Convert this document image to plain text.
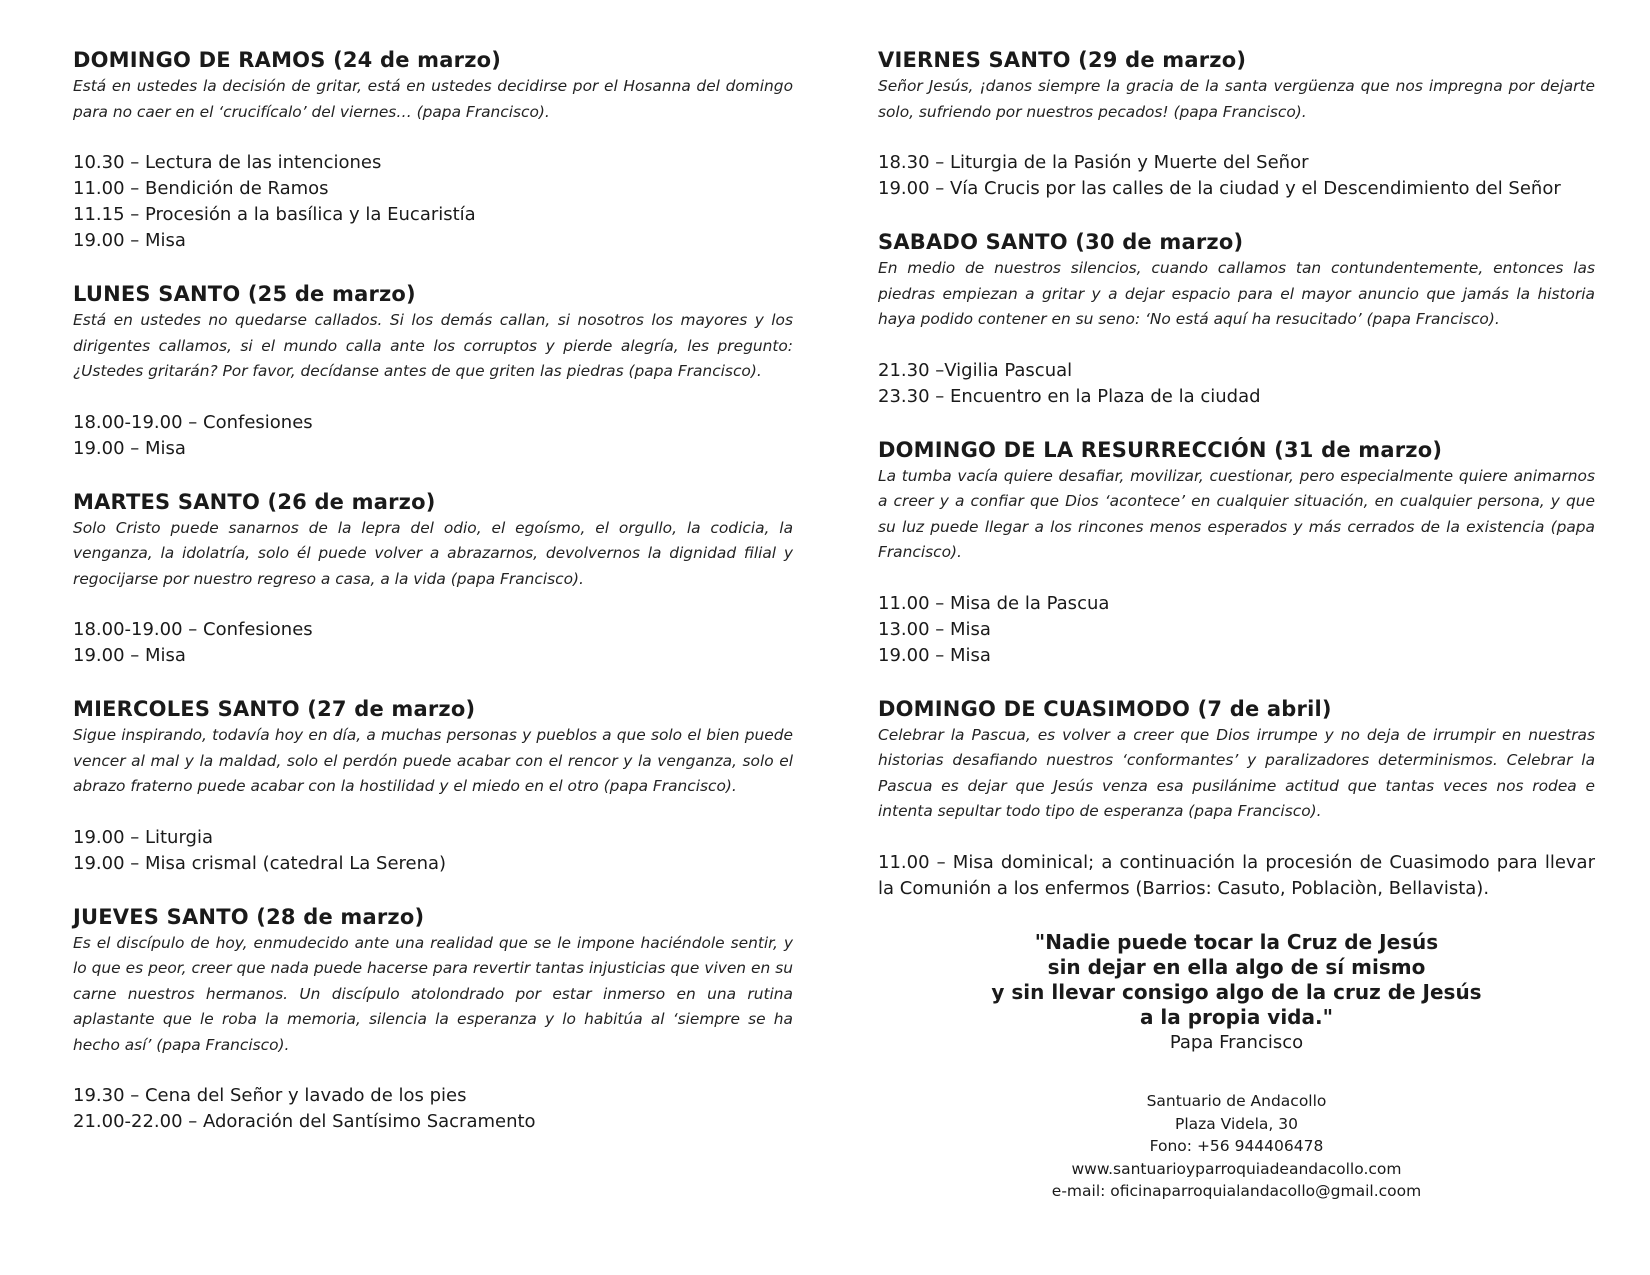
DOMINGO DE RAMOS (24 de marzo)

Está en ustedes la decisión de gritar, está en ustedes decidirse por el Hosanna del domingo para no caer en el ‘crucifícalo’ del viernes… (papa Francisco).

10.30 – Lectura de las intenciones
11.00 – Bendición de Ramos
11.15 – Procesión a la basílica y la Eucaristía
19.00 – Misa
LUNES SANTO (25 de marzo)

Está en ustedes no quedarse callados. Si los demás callan, si nosotros los mayores y los dirigentes callamos, si el mundo calla ante los corruptos y pierde alegría, les pregunto: ¿Ustedes gritarán? Por favor, decídanse antes de que griten las piedras (papa Francisco).

18.00-19.00 – Confesiones
19.00 – Misa
MARTES SANTO (26 de marzo)

Solo Cristo puede sanarnos de la lepra del odio, el egoísmo, el orgullo, la codicia, la venganza, la idolatría, solo él puede volver a abrazarnos, devolvernos la dignidad filial y regocijarse por nuestro regreso a casa, a la vida (papa Francisco).

18.00-19.00 – Confesiones
19.00 – Misa
MIERCOLES SANTO (27 de marzo)

Sigue inspirando, todavía hoy en día, a muchas personas y pueblos a que solo el bien puede vencer al mal y la maldad, solo el perdón puede acabar con el rencor y la venganza, solo el abrazo fraterno puede acabar con la hostilidad y el miedo en el otro (papa Francisco).

19.00 – Liturgia
19.00 – Misa crismal (catedral La Serena)
JUEVES SANTO (28 de marzo)

Es el discípulo de hoy, enmudecido ante una realidad que se le impone haciéndole sentir, y lo que es peor, creer que nada puede hacerse para revertir tantas injusticias que viven en su carne nuestros hermanos. Un discípulo atolondrado por estar inmerso en una rutina aplastante que le roba la memoria, silencia la esperanza y lo habitúa al ‘siempre se ha hecho así’ (papa Francisco).

19.30 – Cena del Señor y lavado de los pies
21.00-22.00 – Adoración del Santísimo Sacramento
VIERNES SANTO (29 de marzo)

Señor Jesús, ¡danos siempre la gracia de la santa vergüenza que nos impregna por dejarte solo, sufriendo por nuestros pecados! (papa Francisco).

18.30 – Liturgia de la Pasión y Muerte del Señor
19.00 – Vía Crucis por las calles de la ciudad y el Descendimiento del Señor
SABADO SANTO (30 de marzo)

En medio de nuestros silencios, cuando callamos tan contundentemente, entonces las piedras empiezan a gritar y a dejar espacio para el mayor anuncio que jamás la historia haya podido contener en su seno: ‘No está aquí ha resucitado’ (papa Francisco).

21.30 –Vigilia Pascual
23.30 – Encuentro en la Plaza de la ciudad
DOMINGO DE LA RESURRECCIÓN (31 de marzo)

La tumba vacía quiere desafiar, movilizar, cuestionar, pero especialmente quiere animarnos a creer y a confiar que Dios ‘acontece’ en cualquier situación, en cualquier persona, y que su luz puede llegar a los rincones menos esperados y más cerrados de la existencia (papa Francisco).

11.00 – Misa de la Pascua
13.00 – Misa
19.00 – Misa
DOMINGO DE CUASIMODO (7 de abril)

Celebrar la Pascua, es volver a creer que Dios irrumpe y no deja de irrumpir en nuestras historias desafiando nuestros ‘conformantes’ y paralizadores determinismos. Celebrar la Pascua es dejar que Jesús venza esa pusilánime actitud que tantas veces nos rodea e intenta sepultar todo tipo de esperanza (papa Francisco).

11.00 – Misa dominical; a continuación la procesión de Cuasimodo para llevar la Comunión a los enfermos (Barrios: Casuto, Poblaciòn, Bellavista).

"Nadie puede tocar la Cruz de Jesús

sin dejar en ella algo de sí mismo

y sin llevar consigo algo de la cruz de Jesús

a la propia vida."

Papa Francisco

Santuario de Andacollo
Plaza Videla, 30
Fono: +56 944406478
www.santuarioyparroquiadeandacollo.com
e-mail: oficinaparroquialandacollo@gmail.coom
